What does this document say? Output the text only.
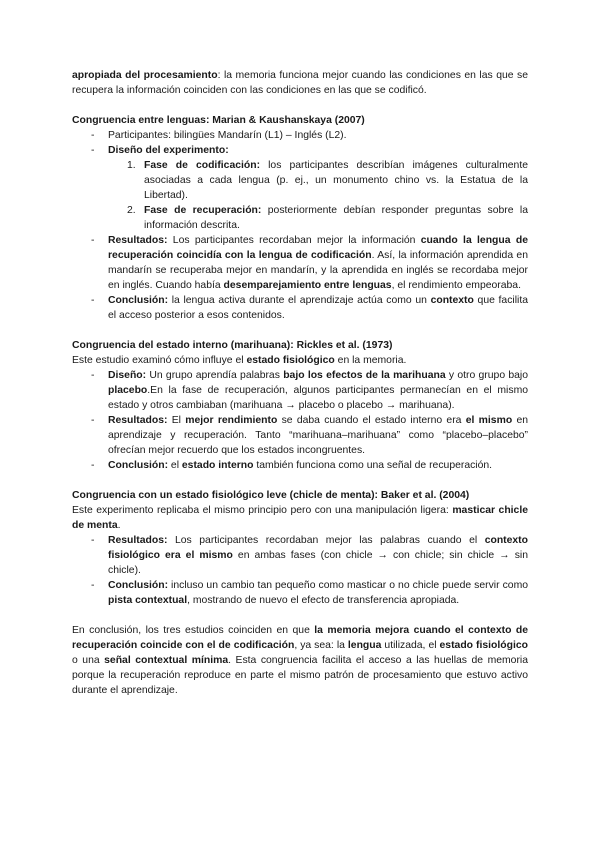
apropiada del procesamiento: la memoria funciona mejor cuando las condiciones en las que se recupera la información coinciden con las condiciones en las que se codificó.

Congruencia entre lenguas: Marian & Kaushanskaya (2007)

- Participantes: bilingües Mandarín (L1) – Inglés (L2).
- Diseño del experimento:
1. Fase de codificación: los participantes describían imágenes culturalmente asociadas a cada lengua (p. ej., un monumento chino vs. la Estatua de la Libertad).
2. Fase de recuperación: posteriormente debían responder preguntas sobre la información descrita.
- Resultados: Los participantes recordaban mejor la información cuando la lengua de recuperación coincidía con la lengua de codificación. Así, la información aprendida en mandarín se recuperaba mejor en mandarín, y la aprendida en inglés se recordaba mejor en inglés. Cuando había desemparejamiento entre lenguas, el rendimiento empeoraba.
- Conclusión: la lengua activa durante el aprendizaje actúa como un contexto que facilita el acceso posterior a esos contenidos.

Congruencia del estado interno (marihuana): Rickles et al. (1973)

Este estudio examinó cómo influye el estado fisiológico en la memoria.

- Diseño: Un grupo aprendía palabras bajo los efectos de la marihuana y otro grupo bajo placebo.En la fase de recuperación, algunos participantes permanecían en el mismo estado y otros cambiaban (marihuana → placebo o placebo → marihuana).
- Resultados: El mejor rendimiento se daba cuando el estado interno era el mismo en aprendizaje y recuperación. Tanto “marihuana–marihuana” como “placebo–placebo” ofrecían mejor recuerdo que los estados incongruentes.
- Conclusión: el estado interno también funciona como una señal de recuperación.

Congruencia con un estado fisiológico leve (chicle de menta): Baker et al. (2004)

Este experimento replicaba el mismo principio pero con una manipulación ligera: masticar chicle de menta.

- Resultados: Los participantes recordaban mejor las palabras cuando el contexto fisiológico era el mismo en ambas fases (con chicle → con chicle; sin chicle → sin chicle).
- Conclusión: incluso un cambio tan pequeño como masticar o no chicle puede servir como pista contextual, mostrando de nuevo el efecto de transferencia apropiada.

En conclusión, los tres estudios coinciden en que la memoria mejora cuando el contexto de recuperación coincide con el de codificación, ya sea: la lengua utilizada, el estado fisiológico o una señal contextual mínima. Esta congruencia facilita el acceso a las huellas de memoria porque la recuperación reproduce en parte el mismo patrón de procesamiento que estuvo activo durante el aprendizaje.
